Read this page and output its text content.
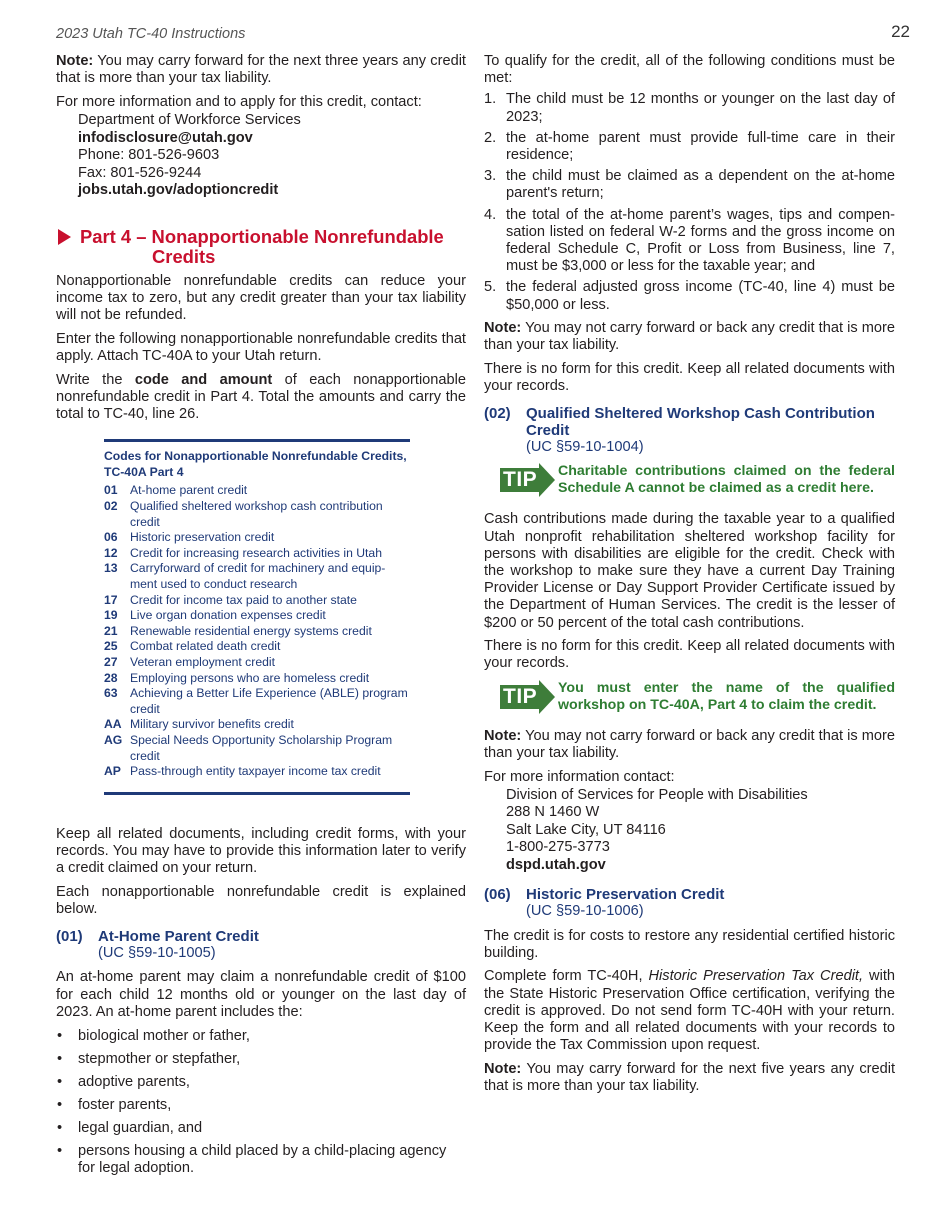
2023 Utah TC-40 Instructions	22

Note: You may carry forward for the next three years any credit that is more than your tax liability.

For more information and to apply for this credit, contact:

Department of Workforce Services
infodisclosure@utah.gov
Phone: 801-526-9603
Fax: 801-526-9244
jobs.utah.gov/adoptioncredit
Part 4 – Nonapportionable Nonrefundable
Credits

Nonapportionable nonrefundable credits can reduce your income tax to zero, but any credit greater than your tax liability will not be refunded.

Enter the following nonapportionable nonrefundable credits that apply. Attach TC-40A to your Utah return.

Write the code and amount of each nonapportionable nonrefundable credit in Part 4. Total the amounts and carry the total to TC-40, line 26.

Codes for Nonapportionable Nonrefundable Credits,
TC-40A Part 4
01	At-home parent credit
02	Qualified sheltered workshop cash contribution credit
06	Historic preservation credit
12	Credit for increasing research activities in Utah
13	Carryforward of credit for machinery and equip-ment used to conduct research
17	Credit for income tax paid to another state
19	Live organ donation expenses credit
21	Renewable residential energy systems credit
25	Combat related death credit
27	Veteran employment credit
28	Employing persons who are homeless credit
63	Achieving a Better Life Experience (ABLE) program credit
AA Military survivor benefits credit
AG Special Needs Opportunity Scholarship Program credit
AP Pass-through entity taxpayer income tax credit

Keep all related documents, including credit forms, with your records. You may have to provide this information later to verify a credit claimed on your return.

Each nonapportionable nonrefundable credit is explained below.

(01)	At-Home Parent Credit
(UC §59-10-1005)

An at-home parent may claim a nonrefundable credit of $100 for each child 12 months old or younger on the last day of 2023. An at-home parent includes the:

• biological mother or father,
• stepmother or stepfather,
• adoptive parents,
• foster parents,
• legal guardian, and
• persons housing a child placed by a child-placing agency for legal adoption.

To qualify for the credit, all of the following conditions must be met:

1. The child must be 12 months or younger on the last day of 2023;
2. the at-home parent must provide full-time care in their residence;
3. the child must be claimed as a dependent on the at-home parent's return;
4. the total of the at-home parent’s wages, tips and compen-sation listed on federal W-2 forms and the gross income on federal Schedule C, Profit or Loss from Business, line 7, must be $3,000 or less for the taxable year; and
5. the federal adjusted gross income (TC-40, line 4) must be $50,000 or less.

Note: You may not carry forward or back any credit that is more than your tax liability.

There is no form for this credit. Keep all related documents with your records.

(02)	Qualified Sheltered Workshop Cash Contribution Credit
(UC §59-10-1004)
TIP Charitable contributions claimed on the federal Schedule A cannot be claimed as a credit here.

Cash contributions made during the taxable year to a qualified Utah nonprofit rehabilitation sheltered workshop facility for persons with disabilities are eligible for the credit. Check with the workshop to make sure they have a current Day Training Provider License or Day Support Provider Certificate issued by the Department of Human Services. The credit is the lesser of $200 or 50 percent of the total cash contributions.

There is no form for this credit. Keep all related documents with your records.

TIP You must enter the name of the qualified workshop on TC-40A, Part 4 to claim the credit.

Note: You may not carry forward or back any credit that is more than your tax liability.

For more information contact:

Division of Services for People with Disabilities
288 N 1460 W
Salt Lake City, UT 84116
1-800-275-3773
dspd.utah.gov
(06)	Historic Preservation Credit
(UC §59-10-1006)

The credit is for costs to restore any residential certified historic building.

Complete form TC-40H, Historic Preservation Tax Credit, with the State Historic Preservation Office certification, verifying the credit is approved. Do not send form TC-40H with your return. Keep the form and all related documents with your records to provide the Tax Commission upon request.

Note: You may carry forward for the next five years any credit that is more than your tax liability.
